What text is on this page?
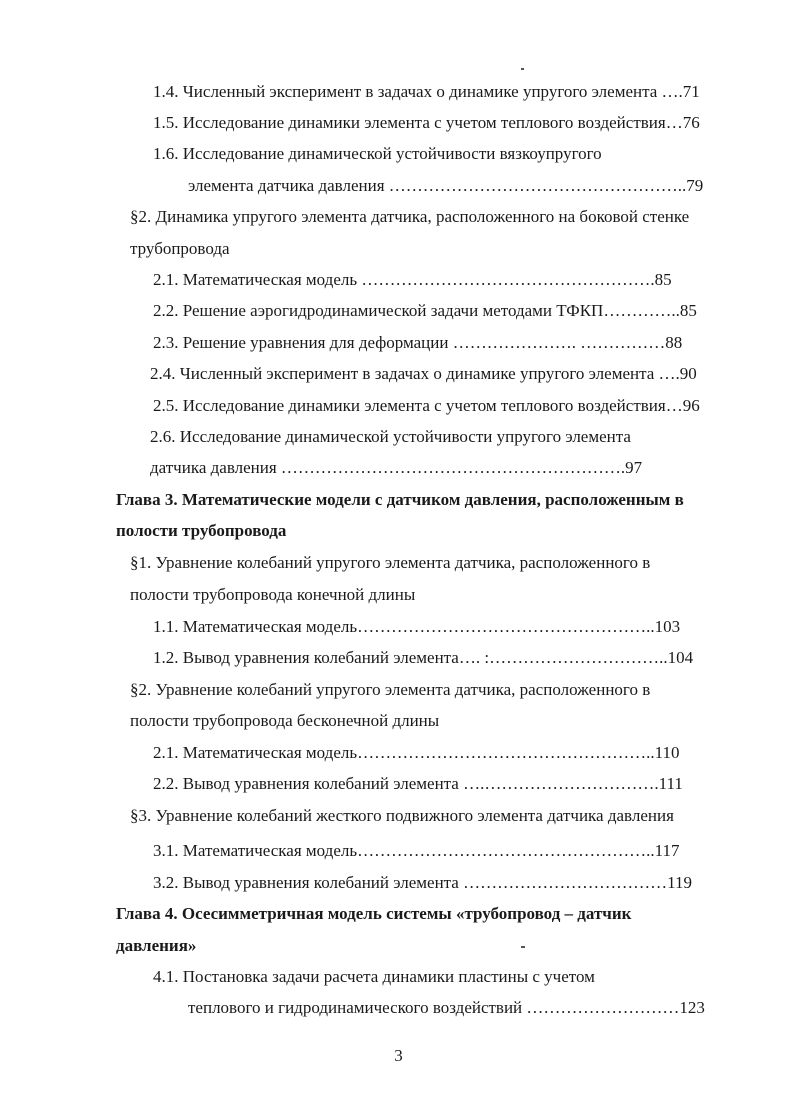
1.4. Численный эксперимент в задачах о динамике упругого элемента ….71
1.5. Исследование динамики элемента с учетом теплового воздействия…76
1.6. Исследование динамической устойчивости вязкоупругого
элемента датчика давления ……………………………………………..79
§2. Динамика упругого элемента датчика, расположенного на боковой стенке
трубопровода
2.1. Математическая модель …………………………………………….85
2.2. Решение аэрогидродинамической задачи методами ТФКП…………..85
2.3. Решение уравнения для деформации …………………. ……………88
2.4. Численный эксперимент в задачах о динамике упругого элемента ….90
2.5. Исследование динамики элемента с учетом теплового воздействия…96
2.6. Исследование динамической устойчивости упругого элемента
датчика давления …………………………………………………….97
Глава 3. Математические модели с датчиком давления, расположенным в
полости трубопровода
§1. Уравнение колебаний упругого элемента датчика, расположенного в
полости трубопровода конечной длины
1.1. Математическая модель……………………………………………..103
1.2. Вывод уравнения колебаний элемента…. :…………………………..104
§2. Уравнение колебаний упругого элемента датчика, расположенного в
полости трубопровода бесконечной длины
2.1. Математическая модель……………………………………………..110
2.2. Вывод уравнения колебаний элемента ….………………………….111
§3. Уравнение колебаний жесткого подвижного элемента датчика давления
3.1. Математическая модель……………………………………………..117
3.2. Вывод уравнения колебаний элемента ………………………………119
Глава 4. Осесимметричная модель системы «трубопровод – датчик
давления»
4.1. Постановка задачи расчета динамики пластины с учетом
теплового и гидродинамического воздействий ………………………123
3
